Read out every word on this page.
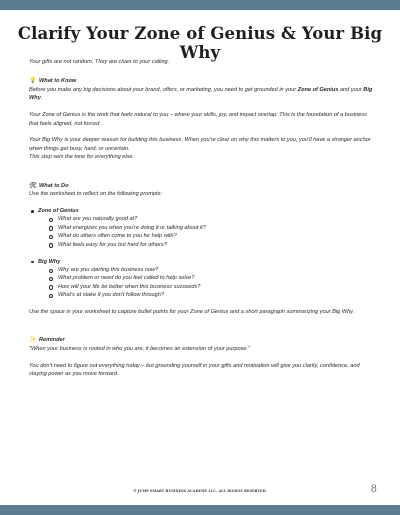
Clarify Your Zone of Genius & Your Big Why

Your gifts are not random. They are clues to your calling.

💡 What to Know

Before you make any big decisions about your brand, offers, or marketing, you need to get grounded in your Zone of Genius and your Big Why.

Your Zone of Genius is the work that feels natural to you – where your skills, joy, and impact overlap. This is the foundation of a business that feels aligned, not forced.

Your Big Why is your deeper reason for building this business. When you're clear on why this matters to you, you'll have a stronger anchor when things get busy, hard, or uncertain.

This step sets the tone for everything else.

🛠 What to Do

Use the worksheet to reflect on the following prompts:

Zone of Genius
What are you naturally good at?
What energizes you when you're doing it or talking about it?
What do others often come to you for help with?
What feels easy for you but hard for others?
Big Why
Why are you starting this business now?
What problem or need do you feel called to help solve?
How will your life be better when this business succeeds?
What's at stake if you don't follow through?

Use the space in your worksheet to capture bullet points for your Zone of Genius and a short paragraph summarizing your Big Why.

✨ Reminder

"When your business is rooted in who you are, it becomes an extension of your purpose."

You don't need to figure out everything today – but grounding yourself in your gifts and motivation will give you clarity, confidence, and staying power as you move forward.

© JUMP SMART BUSINESS ACADEMY LLC. ALL RIGHTS RESERVED.	8
